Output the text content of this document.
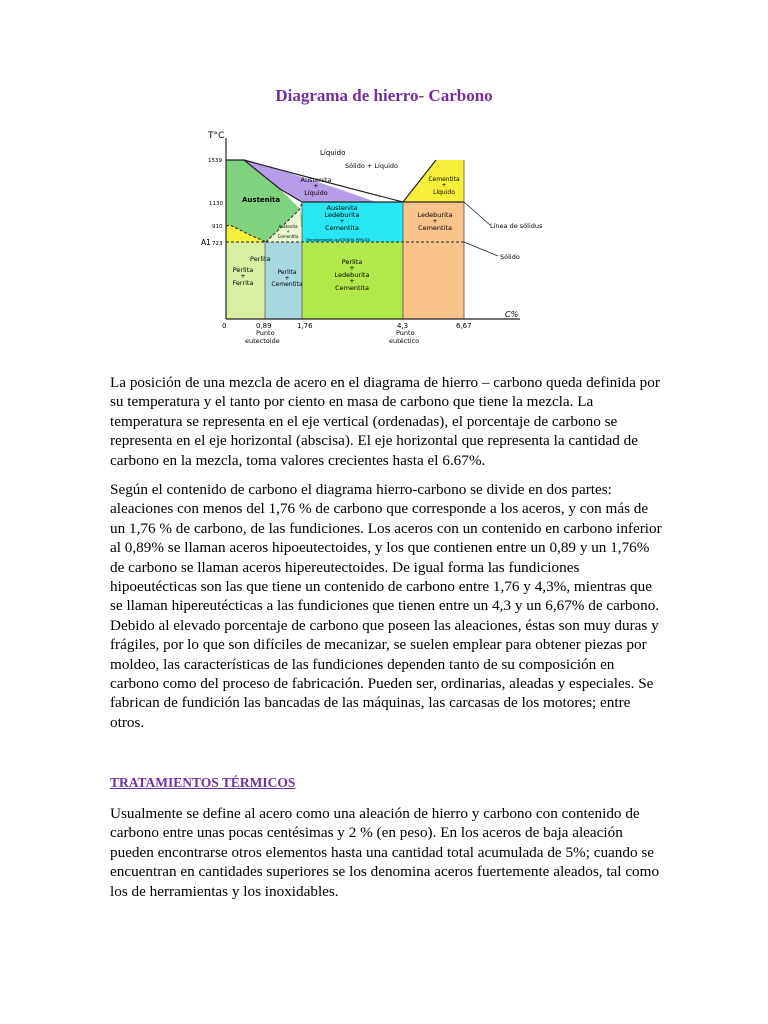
Diagrama de hierro- Carbono
T°C
C%
1539
1130
910
A1 723
0	0,89	1,76	4,3	6,67
Punto
eutectoide
Punto
eutéctico
Líquido
Sólido + Líquido
Austenita
+
Líquido
Cementita
+
Líquido
Austenita
Austenita
Ledeburita
+
Cementita
Ledeburita
+
Cementita
Austenita
+
Cementita
Transformación AUSTENITA PERLITA
Perlita
Perlita
+
Ferrita
Perlita
+
Cementita
Perlita
+
Ledeburita
+
Cementita
Línea de sólidus
Sólido

La posición de una mezcla de acero en el diagrama de hierro – carbono queda definida por su temperatura y el tanto por ciento en masa de carbono que tiene la mezcla. La temperatura se representa en el eje vertical (ordenadas), el porcentaje de carbono se representa en el eje horizontal (abscisa). El eje horizontal que representa la cantidad de carbono en la mezcla, toma valores crecientes hasta el 6.67%.

Según el contenido de carbono el diagrama hierro-carbono se divide en dos partes: aleaciones con menos del 1,76 % de carbono que corresponde a los aceros, y con más de un 1,76 % de carbono, de las fundiciones. Los aceros con un contenido en carbono inferior al 0,89% se llaman aceros hipoeutectoides, y los que contienen entre un 0,89 y un 1,76% de carbono se llaman aceros hipereutectoides. De igual forma las fundiciones hipoeutécticas son las que tiene un contenido de carbono entre 1,76 y 4,3%, mientras que se llaman hipereutécticas a las fundiciones que tienen entre un 4,3 y un 6,67% de carbono. Debido al elevado porcentaje de carbono que poseen las aleaciones, éstas son muy duras y frágiles, por lo que son difíciles de mecanizar, se suelen emplear para obtener piezas por moldeo, las características de las fundiciones dependen tanto de su composición en carbono como del proceso de fabricación. Pueden ser, ordinarias, aleadas y especiales. Se fabrican de fundición las bancadas de las máquinas, las carcasas de los motores; entre otros.

TRATAMIENTOS TÉRMICOS

Usualmente se define al acero como una aleación de hierro y carbono con contenido de carbono entre unas pocas centésimas y 2 % (en peso). En los aceros de baja aleación pueden encontrarse otros elementos hasta una cantidad total acumulada de 5%; cuando se encuentran en cantidades superiores se los denomina aceros fuertemente aleados, tal como los de herramientas y los inoxidables.
